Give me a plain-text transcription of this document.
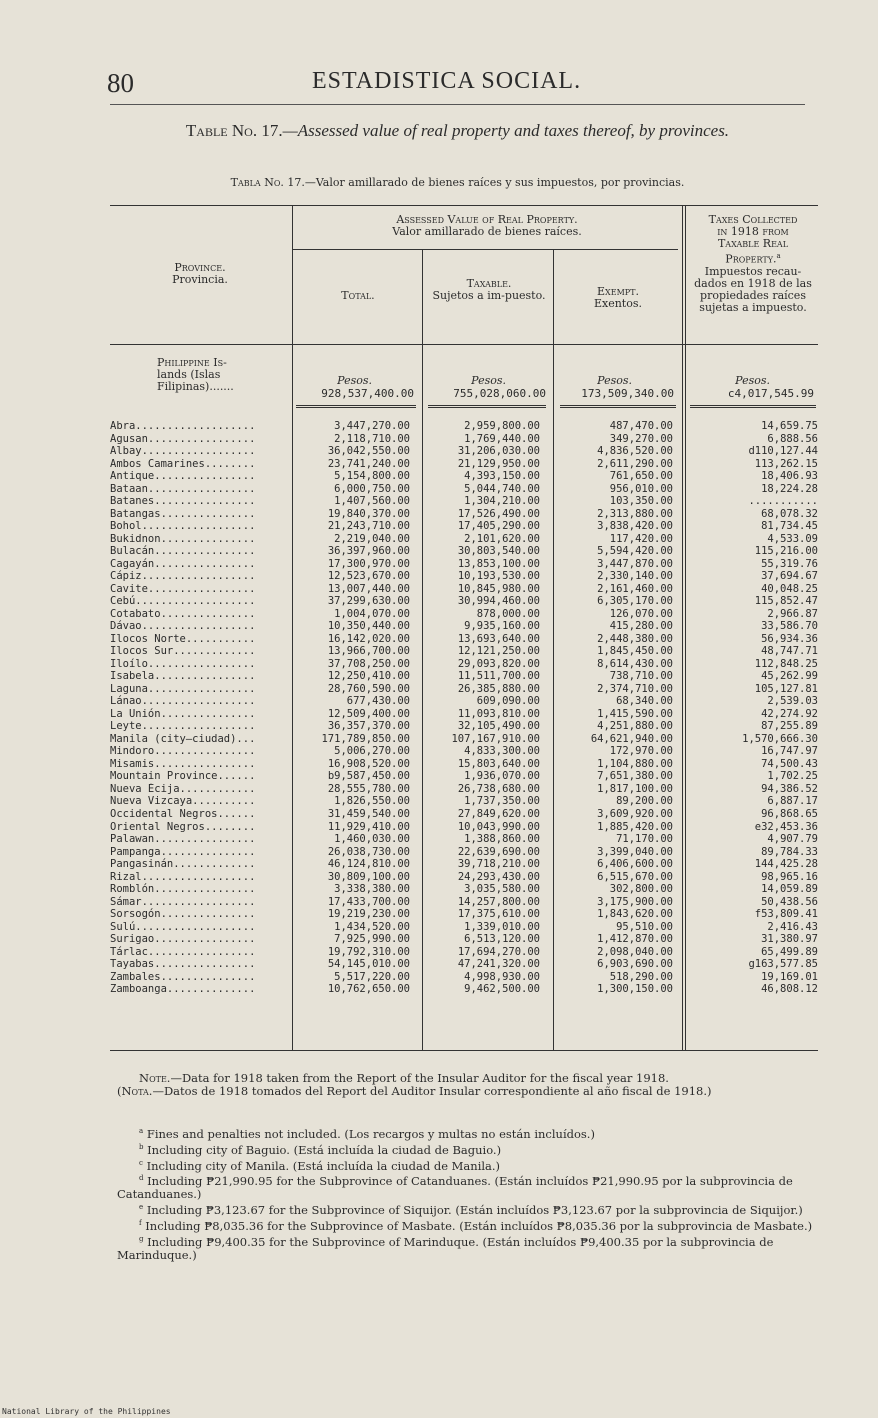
80	ESTADISTICA SOCIAL.
Table No. 17.—Assessed value of real property and taxes thereof, by provinces.
Tabla No. 17.—Valor amillarado de bienes raíces y sus impuestos, por provincias.
Province.
Provincia.
Assessed Value of Real Property.
Valor amillarado de bienes raíces.
Total.
Taxable.
Sujetos a im-puesto.	Exempt.
Exentos.
Taxes Collected
in 1918 from
Taxable Real
Property.$^a$
Impuestos recau-dados en 1918 de las propiedades raíces sujetas a impuesto.
Philippine Is-
lands (Islas
Filipinas).......	Pesos.	Pesos.	Pesos.	Pesos.
928,537,400.00	755,028,060.00	173,509,340.00	c4,017,545.99
Abra...................	3,447,270.00	2,959,800.00	487,470.00	14,659.75
Agusan.................	2,118,710.00	1,769,440.00	349,270.00	6,888.56
Albay..................	36,042,550.00	31,206,030.00	4,836,520.00	d110,127.44
Ambos Camarines........	23,741,240.00	21,129,950.00	2,611,290.00	113,262.15
Antique................	5,154,800.00	4,393,150.00	761,650.00	18,406.93
Bataan.................	6,000,750.00	5,044,740.00	956,010.00	18,224.28
Batanes................	1,407,560.00	1,304,210.00	103,350.00	...........
Batangas...............	19,840,370.00	17,526,490.00	2,313,880.00	68,078.32
Bohol..................	21,243,710.00	17,405,290.00	3,838,420.00	81,734.45
Bukidnon...............	2,219,040.00	2,101,620.00	117,420.00	4,533.09
Bulacán................	36,397,960.00	30,803,540.00	5,594,420.00	115,216.00
Cagayán................	17,300,970.00	13,853,100.00	3,447,870.00	55,319.76
Cápiz..................	12,523,670.00	10,193,530.00	2,330,140.00	37,694.67
Cavite.................	13,007,440.00	10,845,980.00	2,161,460.00	40,048.25
Cebú...................	37,299,630.00	30,994,460.00	6,305,170.00	115,852.47
Cotabato...............	1,004,070.00	878,000.00	126,070.00	2,966.87
Dávao..................	10,350,440.00	9,935,160.00	415,280.00	33,586.70
Ilocos Norte...........	16,142,020.00	13,693,640.00	2,448,380.00	56,934.36
Ilocos Sur.............	13,966,700.00	12,121,250.00	1,845,450.00	48,747.71
Iloílo.................	37,708,250.00	29,093,820.00	8,614,430.00	112,848.25
Isabela................	12,250,410.00	11,511,700.00	738,710.00	45,262.99
Laguna.................	28,760,590.00	26,385,880.00	2,374,710.00	105,127.81
Lánao..................	677,430.00	609,090.00	68,340.00	2,539.03
La Unión...............	12,509,400.00	11,093,810.00	1,415,590.00	42,274.92
Leyte..................	36,357,370.00	32,105,490.00	4,251,880.00	87,255.89
Manila (city—ciudad)...	171,789,850.00	107,167,910.00	64,621,940.00	1,570,666.30
Mindoro................	5,006,270.00	4,833,300.00	172,970.00	16,747.97
Misamis................	16,908,520.00	15,803,640.00	1,104,880.00	74,500.43
Mountain Province......	b9,587,450.00	1,936,070.00	7,651,380.00	1,702.25
Nueva Écija............	28,555,780.00	26,738,680.00	1,817,100.00	94,386.52
Nueva Vizcaya..........	1,826,550.00	1,737,350.00	89,200.00	6,887.17
Occidental Negros......	31,459,540.00	27,849,620.00	3,609,920.00	96,868.65
Oriental Negros........	11,929,410.00	10,043,990.00	1,885,420.00	e32,453.36
Palawan................	1,460,030.00	1,388,860.00	71,170.00	4,907.79
Pampanga...............	26,038,730.00	22,639,690.00	3,399,040.00	89,784.33
Pangasinán.............	46,124,810.00	39,718,210.00	6,406,600.00	144,425.28
Rizal..................	30,809,100.00	24,293,430.00	6,515,670.00	98,965.16
Romblón................	3,338,380.00	3,035,580.00	302,800.00	14,059.89
Sámar..................	17,433,700.00	14,257,800.00	3,175,900.00	50,438.56
Sorsogón...............	19,219,230.00	17,375,610.00	1,843,620.00	f53,809.41
Sulú...................	1,434,520.00	1,339,010.00	95,510.00	2,416.43
Surigao................	7,925,990.00	6,513,120.00	1,412,870.00	31,380.97
Tárlac.................	19,792,310.00	17,694,270.00	2,098,040.00	65,499.89
Tayabas................	54,145,010.00	47,241,320.00	6,903,690.00	g163,577.85
Zambales...............	5,517,220.00	4,998,930.00	518,290.00	19,169.01
Zamboanga..............	10,762,650.00	9,462,500.00	1,300,150.00	46,808.12
Note.—Data for 1918 taken from the Report of the Insular Auditor for the fiscal year 1918.
(Nota.—Datos de 1918 tomados del Report del Auditor Insular correspondiente al año fiscal de 1918.)
$^a$ Fines and penalties not included. (Los recargos y multas no están incluídos.)
$^b$ Including city of Baguio. (Está incluída la ciudad de Baguio.)
$^c$ Including city of Manila. (Está incluída la ciudad de Manila.)
$^d$ Including ₱21,990.95 for the Subprovince of Catanduanes. (Están incluídos ₱21,990.95 por la subprovincia de Catanduanes.)
$^e$ Including ₱3,123.67 for the Subprovince of Siquijor. (Están incluídos ₱3,123.67 por la subprovincia de Siquijor.)
$^f$ Including ₱8,035.36 for the Subprovince of Masbate. (Están incluídos ₱8,035.36 por la subprovincia de Masbate.)
$^g$ Including ₱9,400.35 for the Subprovince of Marinduque. (Están incluídos ₱9,400.35 por la subprovincia de Marinduque.)
National Library of the Philippines
